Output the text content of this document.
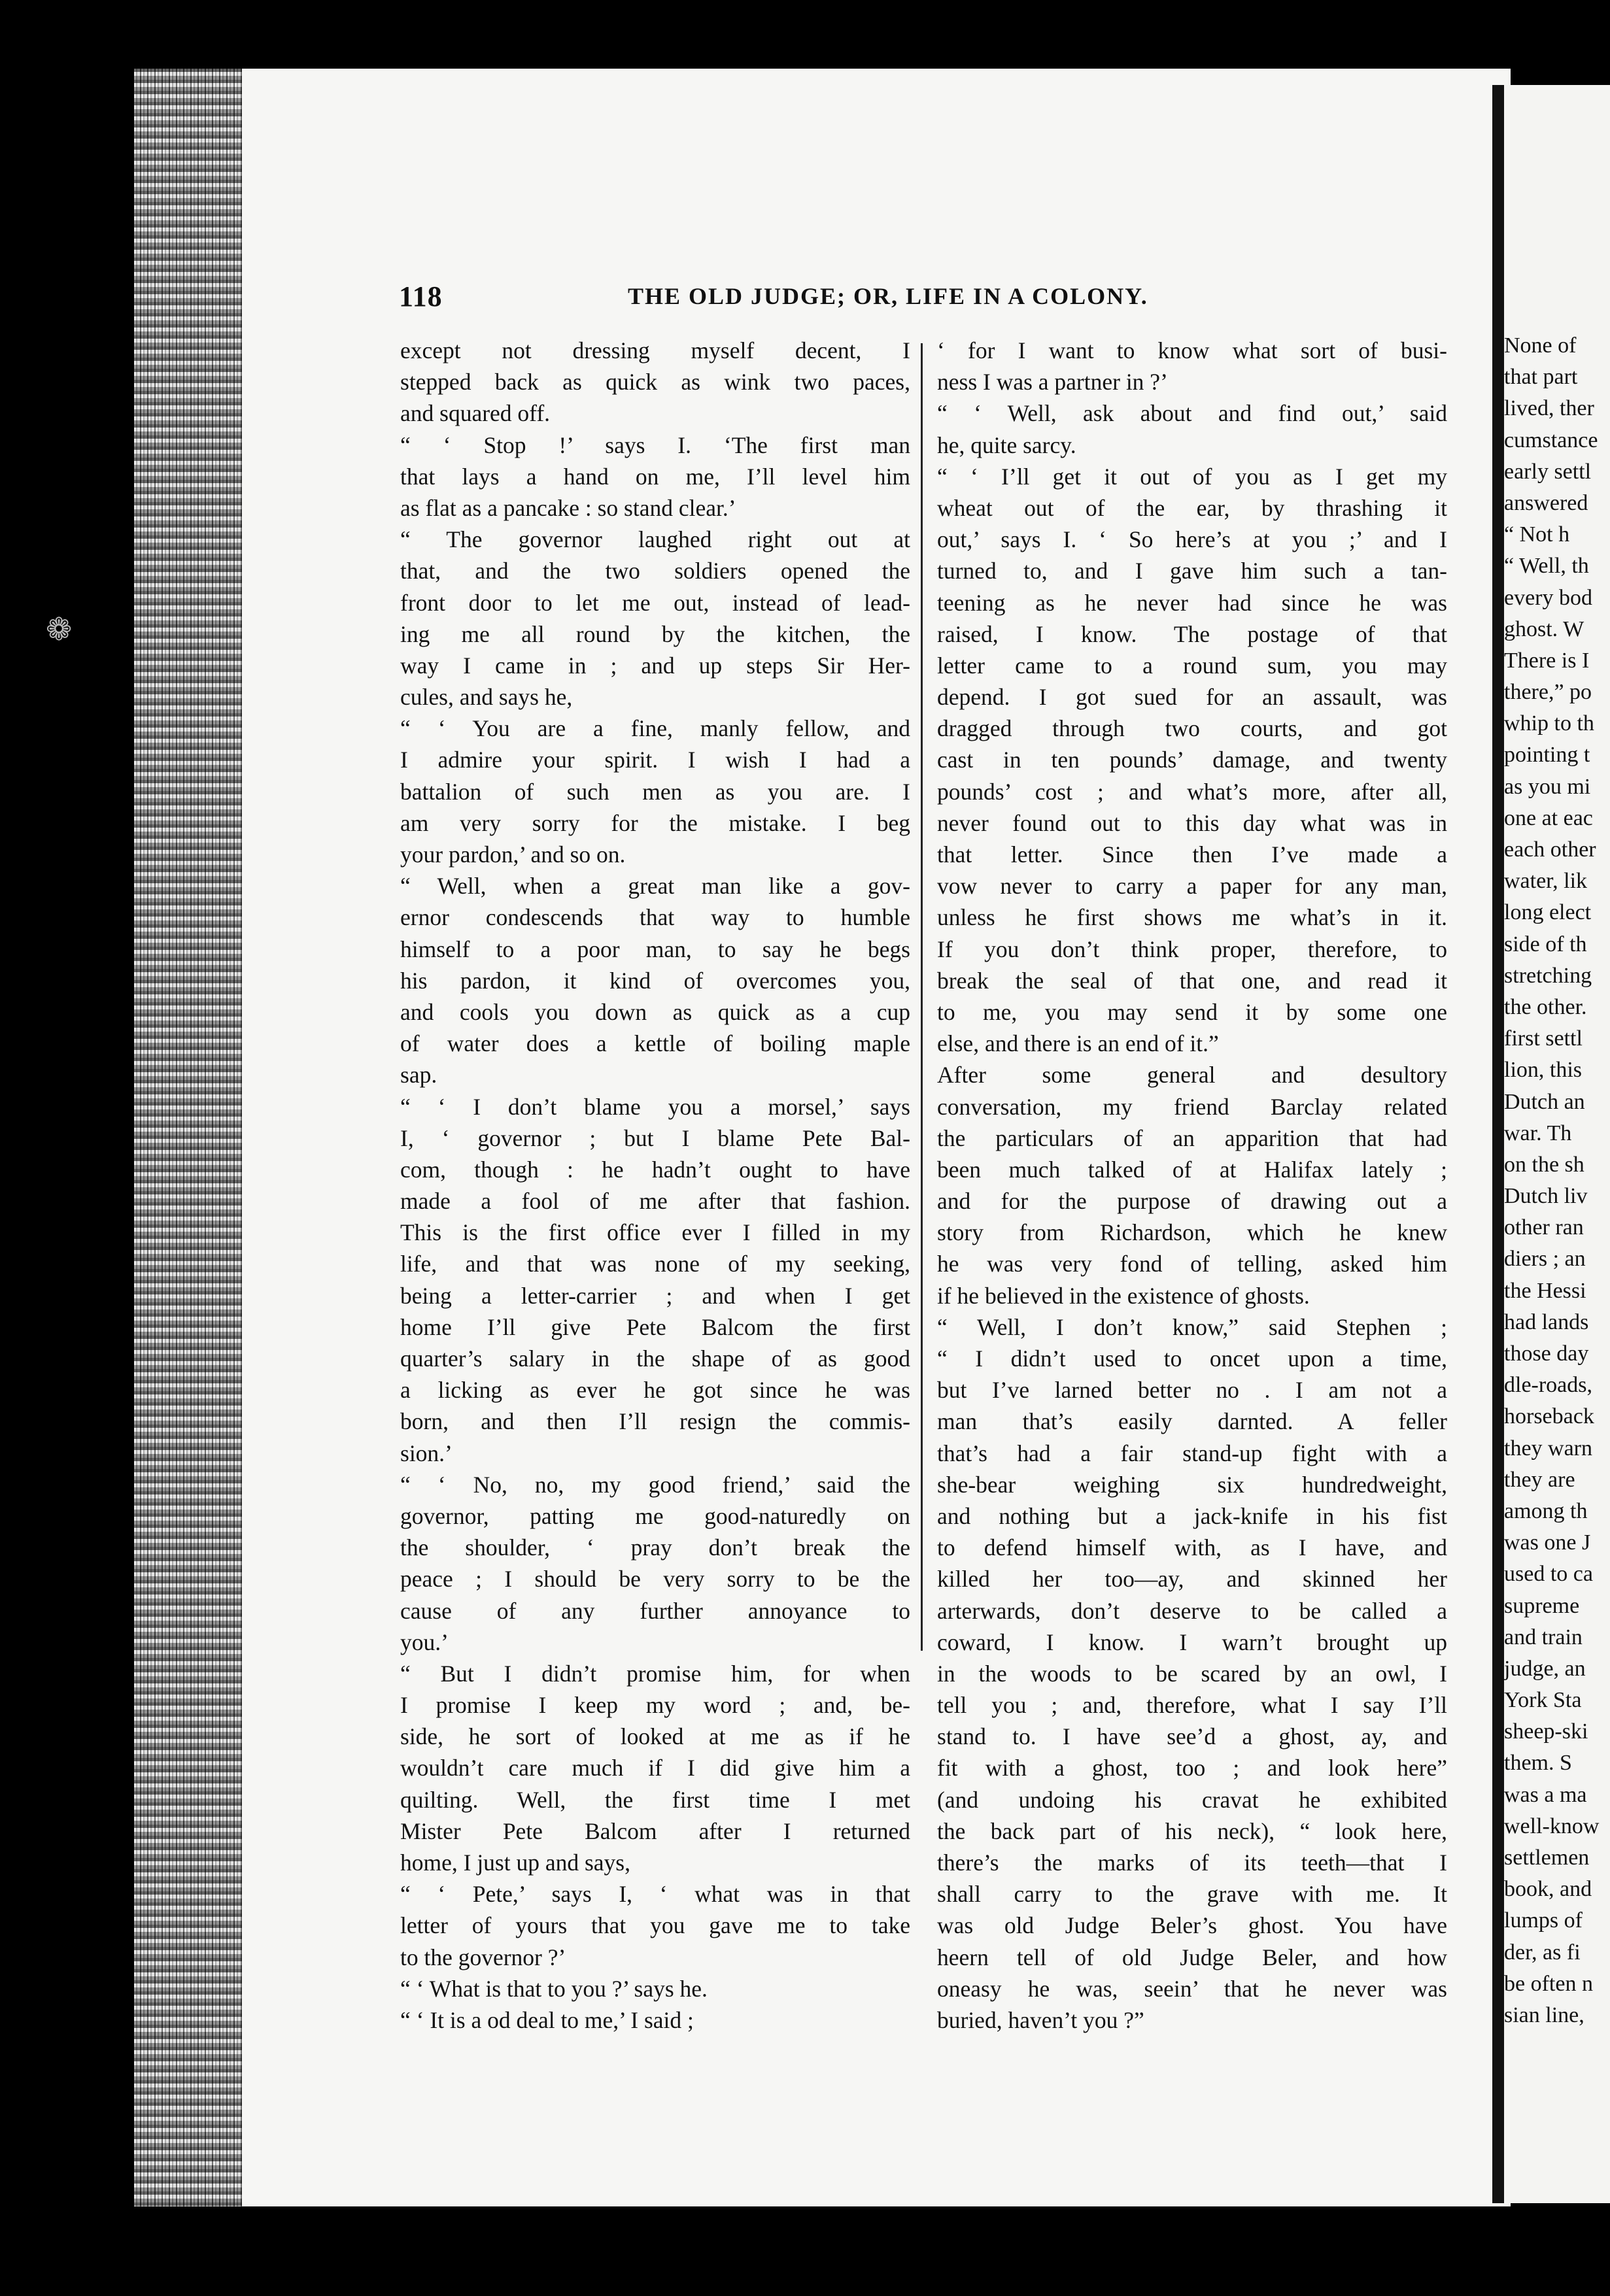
❁
118	THE OLD JUDGE; OR, LIFE IN A COLONY.
except not dressing myself decent, I
stepped back as quick as wink two paces,
and squared off.
“ ‘ Stop !’ says I. ‘The first man
that lays a hand on me, I’ll level him
as flat as a pancake : so stand clear.’
“ The governor laughed right out at
that, and the two soldiers opened the
front door to let me out, instead of lead-
ing me all round by the kitchen, the
way I came in ; and up steps Sir Her-
cules, and says he,
“ ‘ You are a fine, manly fellow, and
I admire your spirit. I wish I had a
battalion of such men as you are. I
am very sorry for the mistake. I beg
your pardon,’ and so on.
“ Well, when a great man like a gov-
ernor condescends that way to humble
himself to a poor man, to say he begs
his pardon, it kind of overcomes you,
and cools you down as quick as a cup
of water does a kettle of boiling maple
sap.
“ ‘ I don’t blame you a morsel,’ says
I, ‘ governor ; but I blame Pete Bal-
com, though : he hadn’t ought to have
made a fool of me after that fashion.
This is the first office ever I filled in my
life, and that was none of my seeking,
being a letter-carrier ; and when I get
home I’ll give Pete Balcom the first
quarter’s salary in the shape of as good
a licking as ever he got since he was
born, and then I’ll resign the commis-
sion.’
“ ‘ No, no, my good friend,’ said the
governor, patting me good-naturedly on
the shoulder, ‘ pray don’t break the
peace ; I should be very sorry to be the
cause of any further annoyance to
you.’
“ But I didn’t promise him, for when
I promise I keep my word ; and, be-
side, he sort of looked at me as if he
wouldn’t care much if I did give him a
quilting. Well, the first time I met
Mister Pete Balcom after I returned
home, I just up and says,
“ ‘ Pete,’ says I, ‘ what was in that
letter of yours that you gave me to take
to the governor ?’
“ ‘ What is that to you ?’ says he.
“ ‘ It is a od deal to me,’ I said ;
‘ for I want to know what sort of busi-
ness I was a partner in ?’
“ ‘ Well, ask about and find out,’ said
he, quite sarcy.
“ ‘ I’ll get it out of you as I get my
wheat out of the ear, by thrashing it
out,’ says I. ‘ So here’s at you ;’ and I
turned to, and I gave him such a tan-
teening as he never had since he was
raised, I know. The postage of that
letter came to a round sum, you may
depend. I got sued for an assault, was
dragged through two courts, and got
cast in ten pounds’ damage, and twenty
pounds’ cost ; and what’s more, after all,
never found out to this day what was in
that letter. Since then I’ve made a
vow never to carry a paper for any man,
unless he first shows me what’s in it.
If you don’t think proper, therefore, to
break the seal of that one, and read it
to me, you may send it by some one
else, and there is an end of it.”
After some general and desultory
conversation, my friend Barclay related
the particulars of an apparition that had
been much talked of at Halifax lately ;
and for the purpose of drawing out a
story from Richardson, which he knew
he was very fond of telling, asked him
if he believed in the existence of ghosts.
“ Well, I don’t know,” said Stephen ;
“ I didn’t used to oncet upon a time,
but I’ve larned better no . I am not a
man that’s easily darnted. A feller
that’s had a fair stand-up fight with a
she-bear weighing six hundredweight,
and nothing but a jack-knife in his fist
to defend himself with, as I have, and
killed her too—ay, and skinned her
arterwards, don’t deserve to be called a
coward, I know. I warn’t brought up
in the woods to be scared by an owl, I
tell you ; and, therefore, what I say I’ll
stand to. I have see’d a ghost, ay, and
fit with a ghost, too ; and look here”
(and undoing his cravat he exhibited
the back part of his neck), “ look here,
there’s the marks of its teeth—that I
shall carry to the grave with me. It
was old Judge Beler’s ghost. You have
heern tell of old Judge Beler, and how
oneasy he was, seein’ that he never was
buried, haven’t you ?”
None of
that part
lived, ther
cumstance
early settl
answered
“ Not h
“ Well, th
every bod
ghost. W
There is I
there,” po
whip to th
pointing t
as you mi
one at eac
each other
water, lik
long elect
side of th
stretching
the other.
first settl
lion, this
Dutch an
war. Th
on the sh
Dutch liv
other ran
diers ; an
the Hessi
had lands
those day
dle-roads,
horseback
they warn
they are
among th
was one J
used to ca
supreme
and train
judge, an
York Sta
sheep-ski
them. S
was a ma
well-know
settlemen
book, and
lumps of
der, as fi
be often n
sian line,
